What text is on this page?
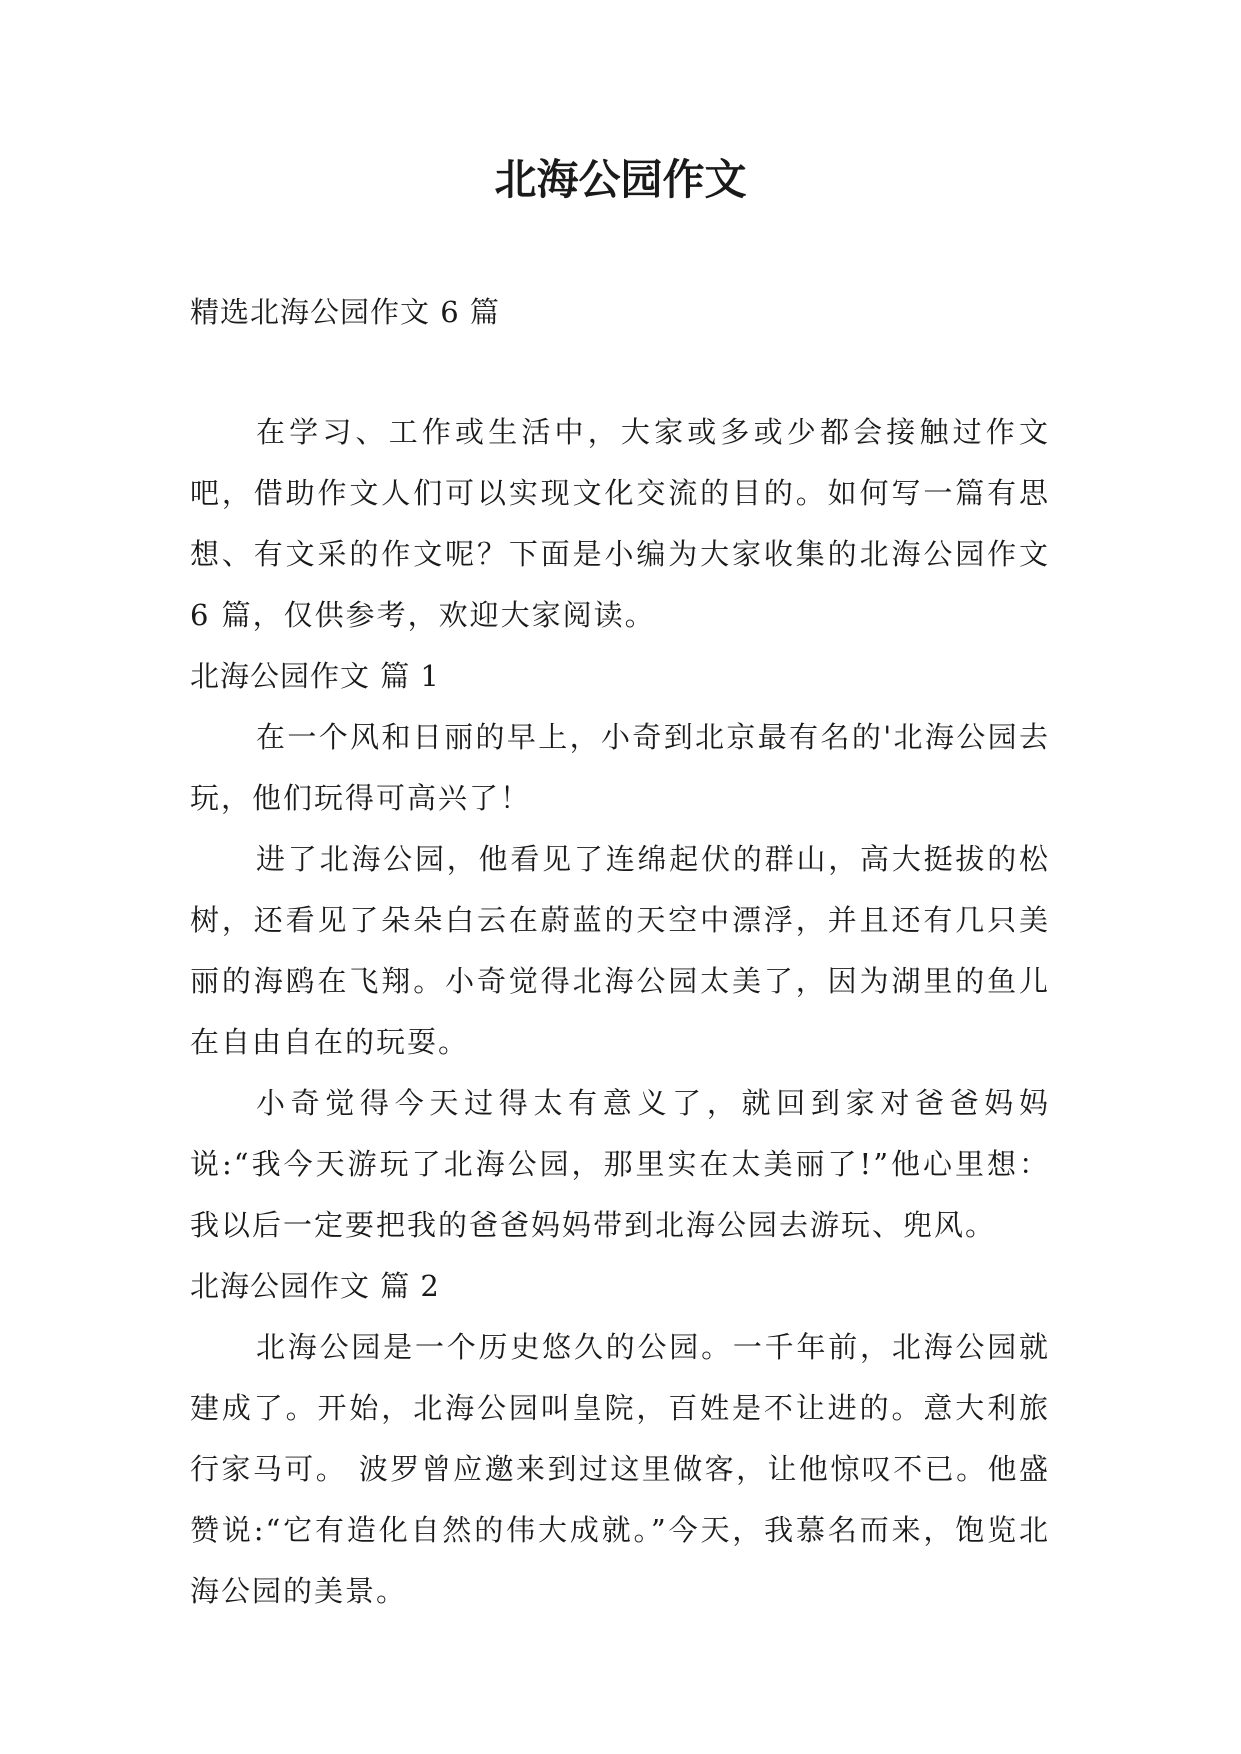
北海公园作文

精选北海公园作文 6 篇

在学习、工作或生活中，大家或多或少都会接触过作文吧，借助作文人们可以实现文化交流的目的。如何写一篇有思想、有文采的作文呢？下面是小编为大家收集的北海公园作文 6 篇，仅供参考，欢迎大家阅读。

北海公园作文 篇 1

在一个风和日丽的早上，小奇到北京最有名的'北海公园去玩，他们玩得可高兴了！

进了北海公园，他看见了连绵起伏的群山，高大挺拔的松树，还看见了朵朵白云在蔚蓝的天空中漂浮，并且还有几只美丽的海鸥在飞翔。小奇觉得北海公园太美了，因为湖里的鱼儿在自由自在的玩耍。

小奇觉得今天过得太有意义了，就回到家对爸爸妈妈说:“我今天游玩了北海公园，那里实在太美丽了!”他心里想：我以后一定要把我的爸爸妈妈带到北海公园去游玩、兜风。

北海公园作文 篇 2

北海公园是一个历史悠久的公园。一千年前，北海公园就建成了。开始，北海公园叫皇院，百姓是不让进的。意大利旅行家马可。 波罗曾应邀来到过这里做客，让他惊叹不已。他盛赞说:“它有造化自然的伟大成就。”今天，我慕名而来，饱览北海公园的美景。
